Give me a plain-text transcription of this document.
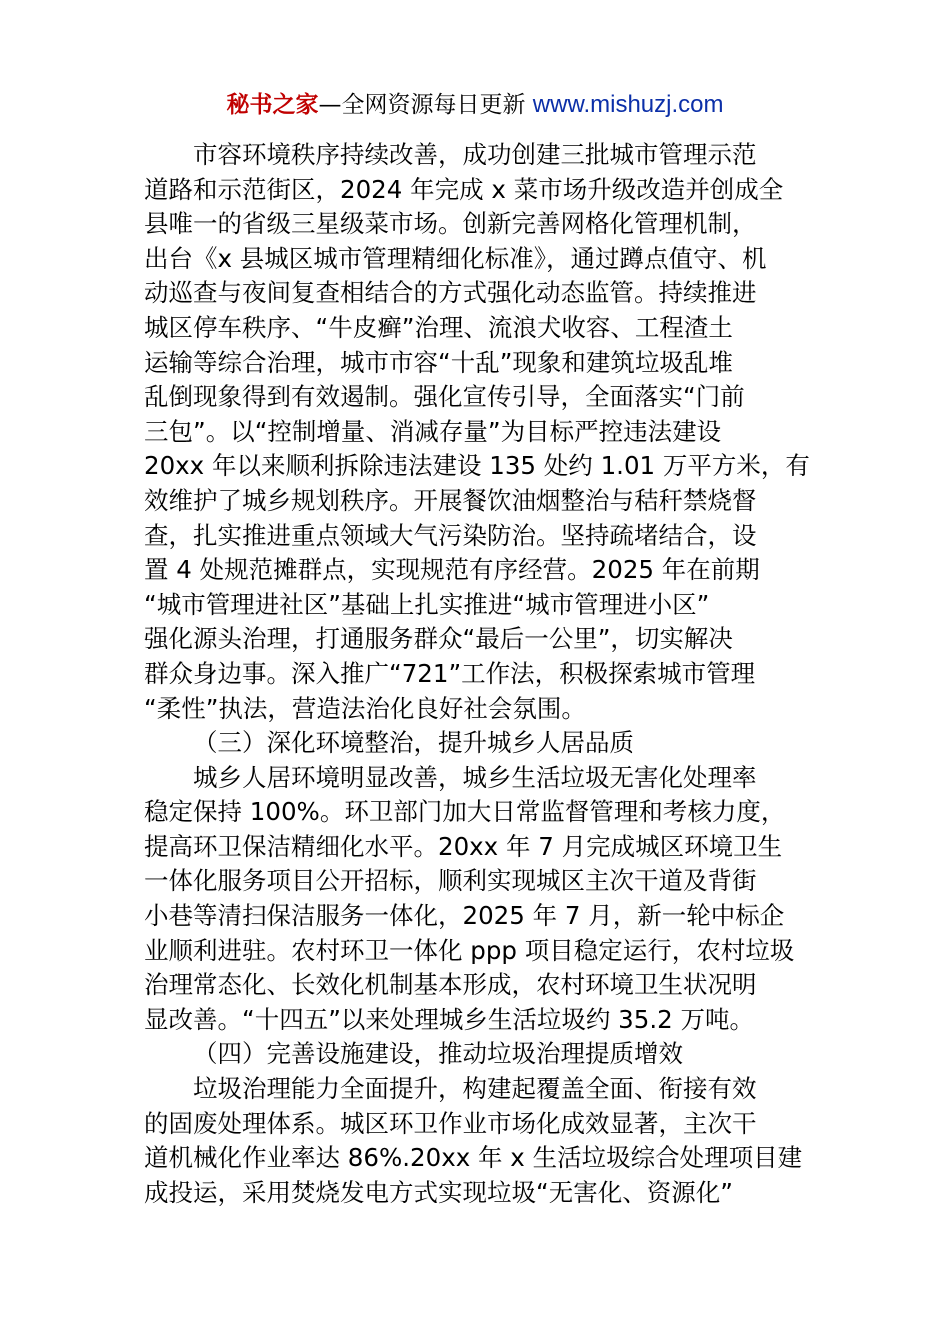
秘书之家—全网资源每日更新 www.mishuzj.com
市容环境秩序持续改善，成功创建三批城市管理示范
道路和示范街区，2024 年完成 x 菜市场升级改造并创成全
县唯一的省级三星级菜市场。创新完善网格化管理机制，
出台《x 县城区城市管理精细化标准》，通过蹲点值守、机
动巡查与夜间复查相结合的方式强化动态监管。持续推进
城区停车秩序、“牛皮癣”治理、流浪犬收容、工程渣土
运输等综合治理，城市市容“十乱”现象和建筑垃圾乱堆
乱倒现象得到有效遏制。强化宣传引导，全面落实“门前
三包”。以“控制增量、消减存量”为目标严控违法建设
20xx 年以来顺利拆除违法建设 135 处约 1.01 万平方米，有
效维护了城乡规划秩序。开展餐饮油烟整治与秸秆禁烧督
查，扎实推进重点领域大气污染防治。坚持疏堵结合，设
置 4 处规范摊群点，实现规范有序经营。2025 年在前期
“城市管理进社区”基础上扎实推进“城市管理进小区”
强化源头治理，打通服务群众“最后一公里”，切实解决
群众身边事。深入推广“721”工作法，积极探索城市管理
“柔性”执法，营造法治化良好社会氛围。
（三）深化环境整治，提升城乡人居品质
城乡人居环境明显改善，城乡生活垃圾无害化处理率
稳定保持 100%。环卫部门加大日常监督管理和考核力度，
提高环卫保洁精细化水平。20xx 年 7 月完成城区环境卫生
一体化服务项目公开招标，顺利实现城区主次干道及背街
小巷等清扫保洁服务一体化，2025 年 7 月，新一轮中标企
业顺利进驻。农村环卫一体化 ppp 项目稳定运行，农村垃圾
治理常态化、长效化机制基本形成，农村环境卫生状况明
显改善。“十四五”以来处理城乡生活垃圾约 35.2 万吨。
（四）完善设施建设，推动垃圾治理提质增效
垃圾治理能力全面提升，构建起覆盖全面、衔接有效
的固废处理体系。城区环卫作业市场化成效显著，主次干
道机械化作业率达 86%.20xx 年 x 生活垃圾综合处理项目建
成投运，采用焚烧发电方式实现垃圾“无害化、资源化”
